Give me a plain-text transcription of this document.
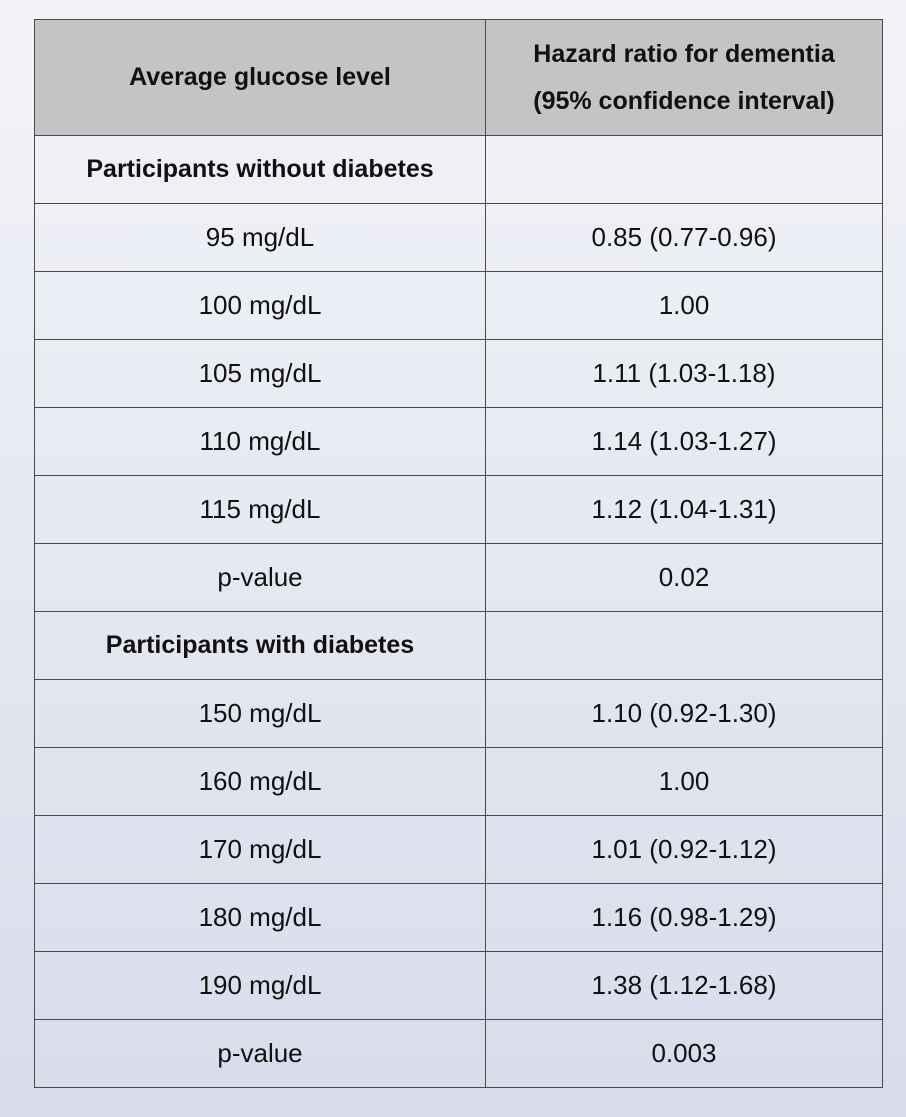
Average glucose level	Hazard ratio for dementia
(95% confidence interval)

Participants without diabetes	
95 mg/dL	0.85 (0.77-0.96)
100 mg/dL	1.00
105 mg/dL	1.11 (1.03-1.18)
110 mg/dL	1.14 (1.03-1.27)
115 mg/dL	1.12 (1.04-1.31)
p-value	0.02
Participants with diabetes	
150 mg/dL	1.10 (0.92-1.30)
160 mg/dL	1.00
170 mg/dL	1.01 (0.92-1.12)
180 mg/dL	1.16 (0.98-1.29)
190 mg/dL	1.38 (1.12-1.68)
p-value	0.003
